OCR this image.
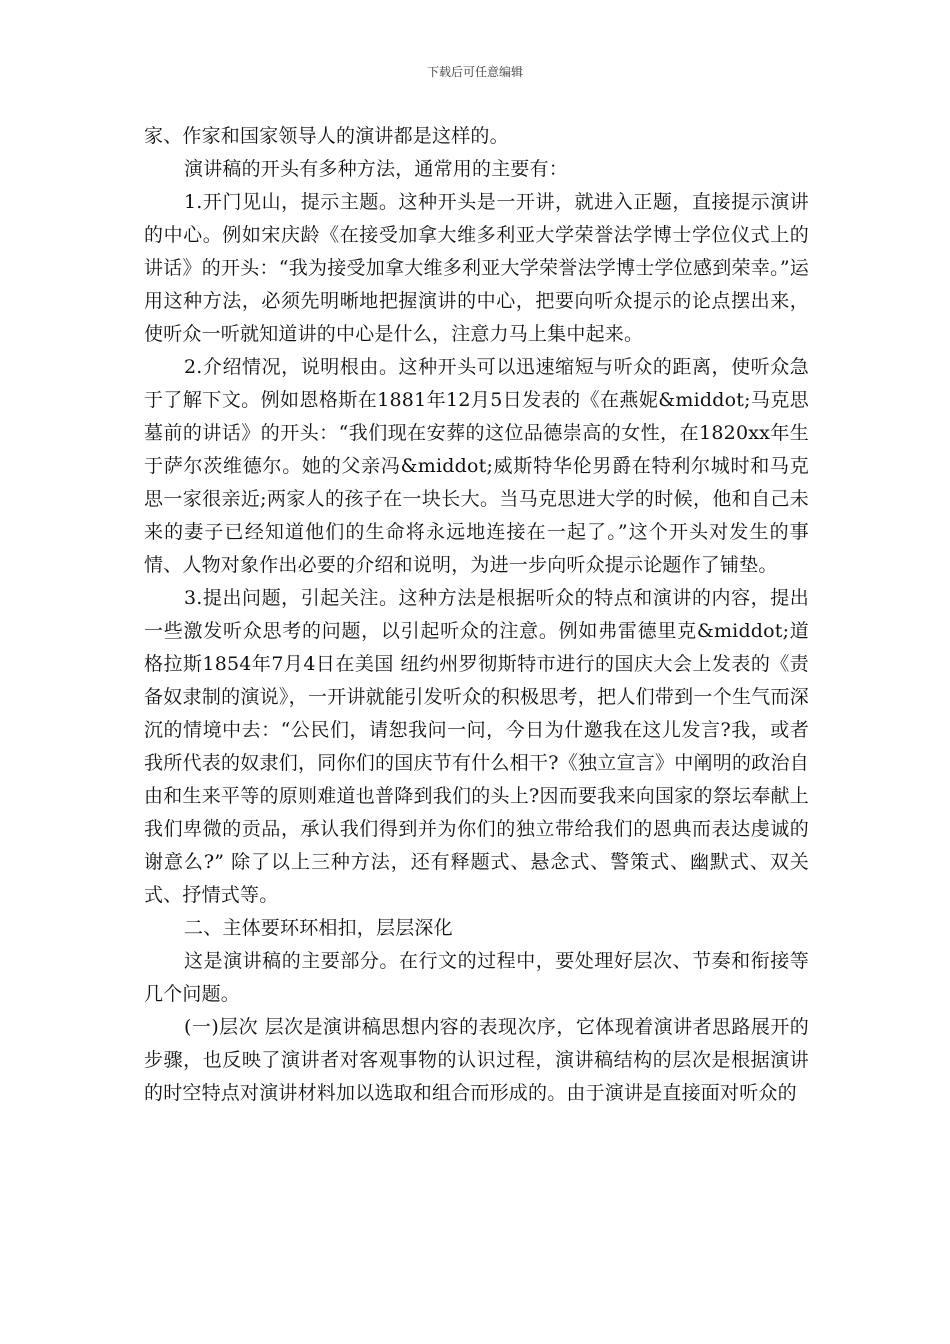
下载后可任意编辑

家、作家和国家领导人的演讲都是这样的。

演讲稿的开头有多种方法，通常用的主要有：

1.开门见山，提示主题。这种开头是一开讲，就进入正题，直接提示演讲的中心。例如宋庆龄《在接受加拿大维多利亚大学荣誉法学博士学位仪式上的讲话》的开头：“我为接受加拿大维多利亚大学荣誉法学博士学位感到荣幸。”运用这种方法，必须先明晰地把握演讲的中心，把要向听众提示的论点摆出来，使听众一听就知道讲的中心是什么，注意力马上集中起来。

2.介绍情况，说明根由。这种开头可以迅速缩短与听众的距离，使听众急于了解下文。例如恩格斯在1881年12月5日发表的《在燕妮&middot;马克思墓前的讲话》的开头：“我们现在安葬的这位品德崇高的女性，在1820xx年生于萨尔茨维德尔。她的父亲冯&middot;威斯特华伦男爵在特利尔城时和马克思一家很亲近;两家人的孩子在一块长大。当马克思进大学的时候，他和自己未来的妻子已经知道他们的生命将永远地连接在一起了。”这个开头对发生的事情、人物对象作出必要的介绍和说明，为进一步向听众提示论题作了铺垫。

3.提出问题，引起关注。这种方法是根据听众的特点和演讲的内容，提出一些激发听众思考的问题，以引起听众的注意。例如弗雷德里克&middot;道格拉斯1854年7月4日在美国 纽约州罗彻斯特市进行的国庆大会上发表的《责备奴隶制的演说》，一开讲就能引发听众的积极思考，把人们带到一个生气而深沉的情境中去：“公民们，请恕我问一问，今日为什邀我在这儿发言?我，或者我所代表的奴隶们，同你们的国庆节有什么相干?《独立宣言》中阐明的政治自由和生来平等的原则难道也普降到我们的头上?因而要我来向国家的祭坛奉献上我们卑微的贡品，承认我们得到并为你们的独立带给我们的恩典而表达虔诚的谢意么?” 除了以上三种方法，还有释题式、悬念式、警策式、幽默式、双关式、抒情式等。

二、主体要环环相扣，层层深化

这是演讲稿的主要部分。在行文的过程中，要处理好层次、节奏和衔接等几个问题。

(一)层次 层次是演讲稿思想内容的表现次序，它体现着演讲者思路展开的步骤，也反映了演讲者对客观事物的认识过程，演讲稿结构的层次是根据演讲的时空特点对演讲材料加以选取和组合而形成的。由于演讲是直接面对听众的
